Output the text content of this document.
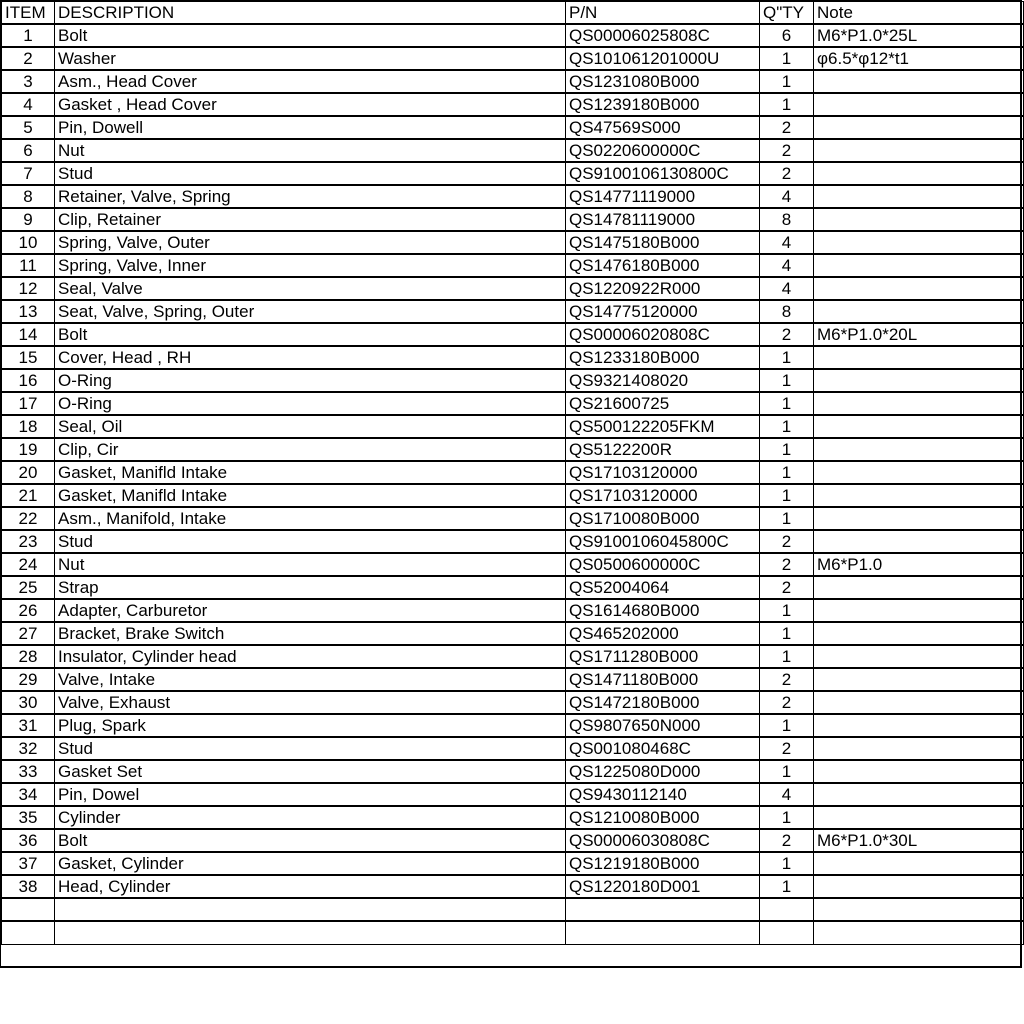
ITEM	DESCRIPTION	P/N	Q"TY	Note
1	Bolt	QS00006025808C	6	M6*P1.0*25L
2	Washer	QS101061201000U	1	φ6.5*φ12*t1
3	Asm., Head Cover	QS1231080B000	1	
4	Gasket , Head Cover	QS1239180B000	1	
5	Pin, Dowell	QS47569S000	2	
6	Nut	QS0220600000C	2	
7	Stud	QS9100106130800C	2	
8	Retainer, Valve, Spring	QS14771119000	4	
9	Clip, Retainer	QS14781119000	8	
10	Spring, Valve, Outer	QS1475180B000	4	
11	Spring, Valve, Inner	QS1476180B000	4	
12	Seal, Valve	QS1220922R000	4	
13	Seat, Valve, Spring, Outer	QS14775120000	8	
14	Bolt	QS00006020808C	2	M6*P1.0*20L
15	Cover, Head , RH	QS1233180B000	1	
16	O-Ring	QS9321408020	1	
17	O-Ring	QS21600725	1	
18	Seal, Oil	QS500122205FKM	1	
19	Clip, Cir	QS5122200R	1	
20	Gasket, Manifld Intake	QS17103120000	1	
21	Gasket, Manifld Intake	QS17103120000	1	
22	Asm., Manifold, Intake	QS1710080B000	1	
23	Stud	QS9100106045800C	2	
24	Nut	QS0500600000C	2	M6*P1.0
25	Strap	QS52004064	2	
26	Adapter, Carburetor	QS1614680B000	1	
27	Bracket, Brake Switch	QS465202000	1	
28	Insulator, Cylinder head	QS1711280B000	1	
29	Valve, Intake	QS1471180B000	2	
30	Valve, Exhaust	QS1472180B000	2	
31	Plug, Spark	QS9807650N000	1	
32	Stud	QS001080468C	2	
33	Gasket Set	QS1225080D000	1	
34	Pin, Dowel	QS9430112140	4	
35	Cylinder	QS1210080B000	1	
36	Bolt	QS00006030808C	2	M6*P1.0*30L
37	Gasket, Cylinder	QS1219180B000	1	
38	Head, Cylinder	QS1220180D001	1	
